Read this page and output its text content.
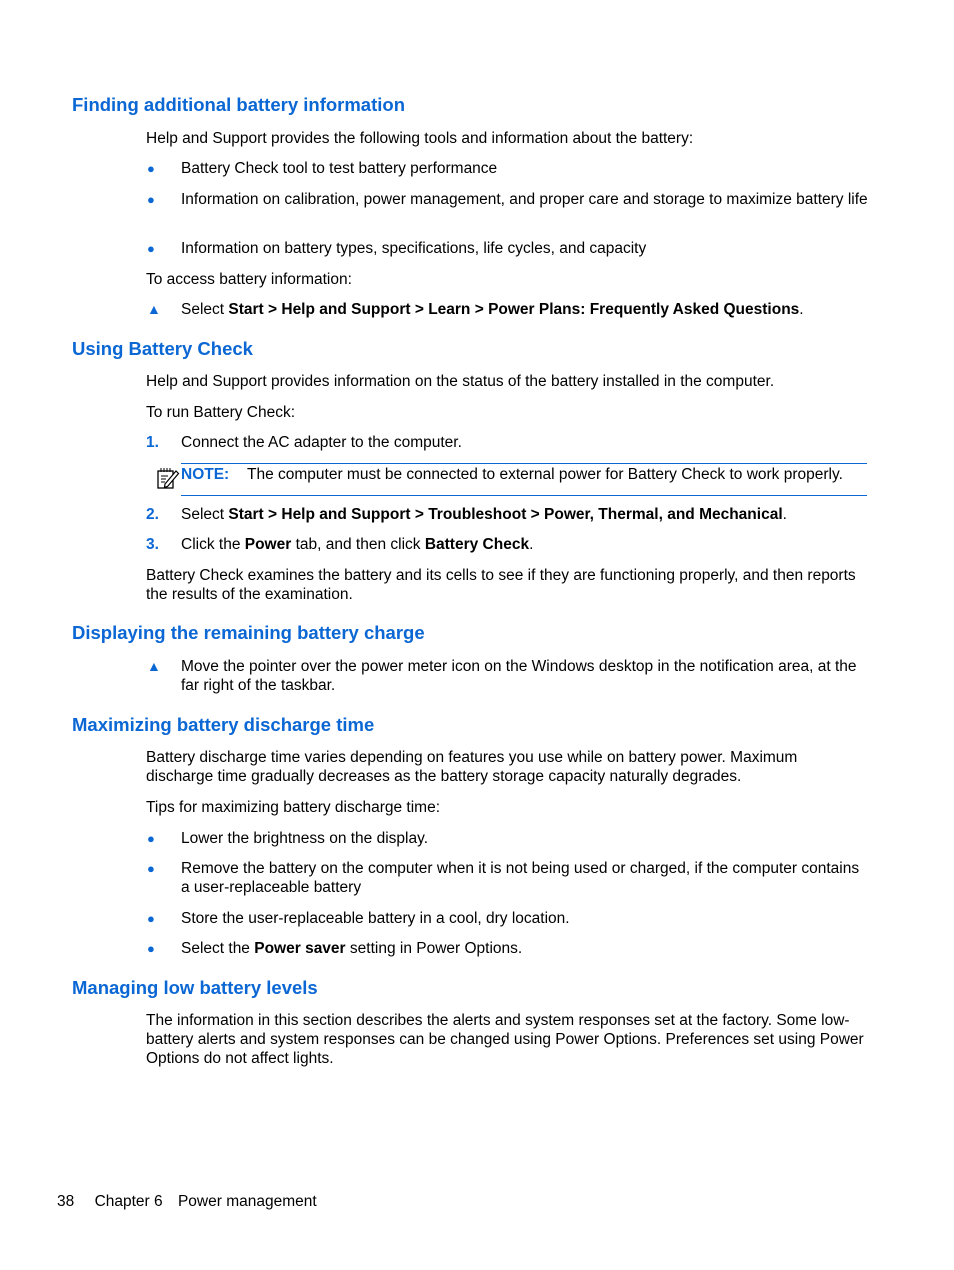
Finding additional battery information

Help and Support provides the following tools and information about the battery:

●	Battery Check tool to test battery performance
●	Information on calibration, power management, and proper care and storage to maximize battery life
●	Information on battery types, specifications, life cycles, and capacity

To access battery information:

▲	Select Start > Help and Support > Learn > Power Plans: Frequently Asked Questions.
Using Battery Check

Help and Support provides information on the status of the battery installed in the computer.

To run Battery Check:

1.	Connect the AC adapter to the computer.
NOTE: The computer must be connected to external power for Battery Check to work properly.
2.	Select Start > Help and Support > Troubleshoot > Power, Thermal, and Mechanical.
3.	Click the Power tab, and then click Battery Check.

Battery Check examines the battery and its cells to see if they are functioning properly, and then reports the results of the examination.

Displaying the remaining battery charge
▲	Move the pointer over the power meter icon on the Windows desktop in the notification area, at the far right of the taskbar.
Maximizing battery discharge time

Battery discharge time varies depending on features you use while on battery power. Maximum discharge time gradually decreases as the battery storage capacity naturally degrades.

Tips for maximizing battery discharge time:

●	Lower the brightness on the display.
●	Remove the battery on the computer when it is not being used or charged, if the computer contains a user-replaceable battery
●	Store the user-replaceable battery in a cool, dry location.
●	Select the Power saver setting in Power Options.
Managing low battery levels

The information in this section describes the alerts and system responses set at the factory. Some low-battery alerts and system responses can be changed using Power Options. Preferences set using Power Options do not affect lights.

38 Chapter 6 Power management
